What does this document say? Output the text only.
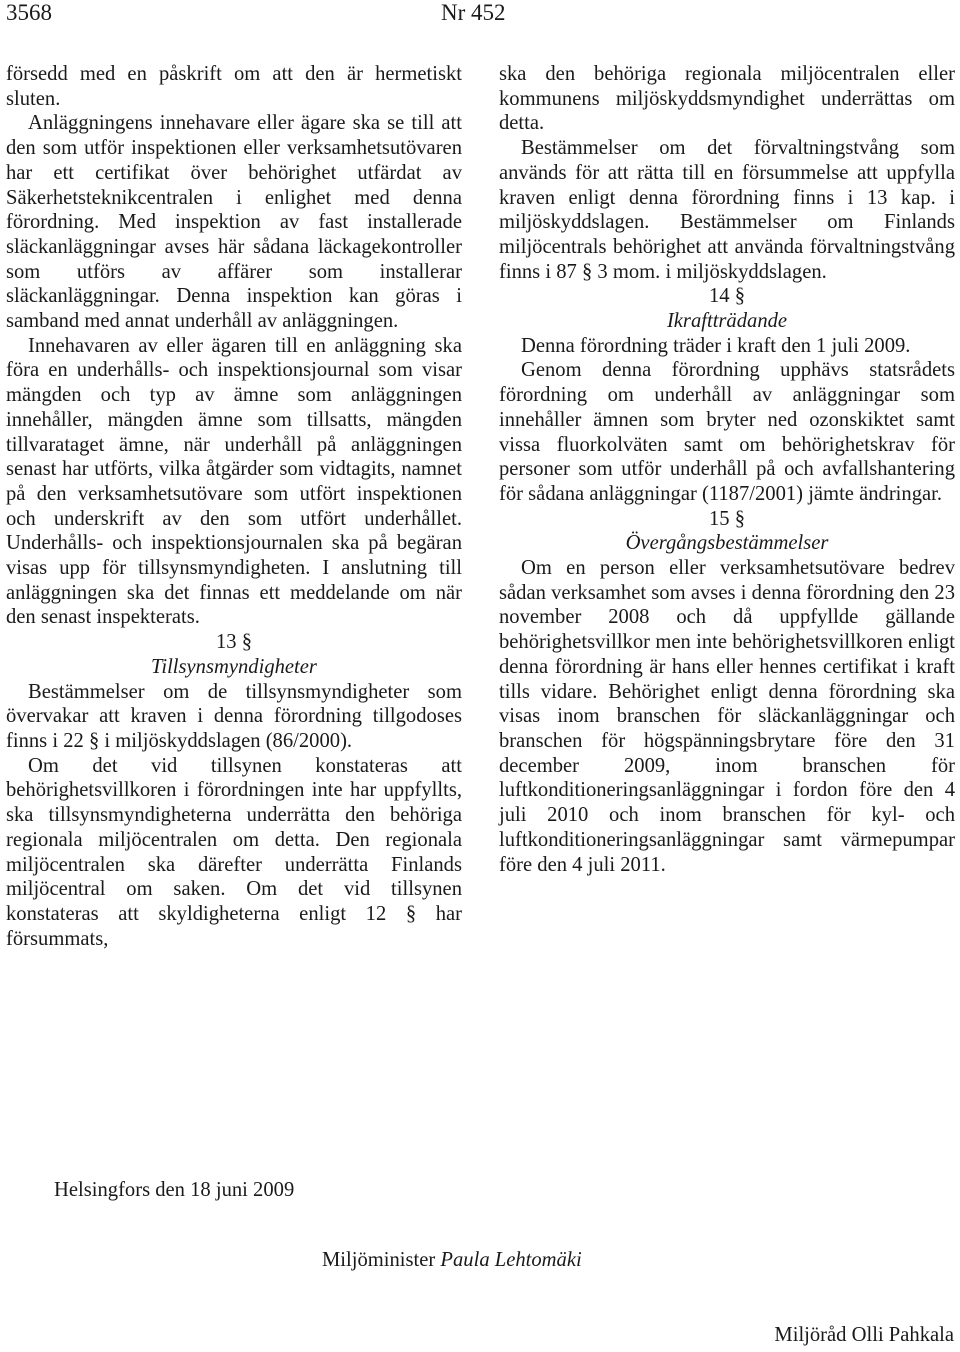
3568	Nr 452

försedd med en påskrift om att den är hermetiskt sluten.

Anläggningens innehavare eller ägare ska se till att den som utför inspektionen eller verksamhetsutövaren har ett certifikat över behörighet utfärdat av Säkerhetsteknikcentralen i enlighet med denna förordning. Med inspektion av fast installerade släckanläggningar avses här sådana läckagekontroller som utförs av affärer som installerar släckanläggningar. Denna inspektion kan göras i samband med annat underhåll av anläggningen.

Innehavaren av eller ägaren till en anläggning ska föra en underhålls- och inspektionsjournal som visar mängden och typ av ämne som anläggningen innehåller, mängden ämne som tillsatts, mängden tillvarataget ämne, när underhåll på anläggningen senast har utförts, vilka åtgärder som vidtagits, namnet på den verksamhetsutövare som utfört inspektionen och underskrift av den som utfört underhållet. Underhålls- och inspektionsjournalen ska på begäran visas upp för tillsynsmyndigheten. I anslutning till anläggningen ska det finnas ett meddelande om när den senast inspekterats.

13 §

Tillsynsmyndigheter

Bestämmelser om de tillsynsmyndigheter som övervakar att kraven i denna förordning tillgodoses finns i 22 § i miljöskyddslagen (86/2000).

Om det vid tillsynen konstateras att behörighetsvillkoren i förordningen inte har uppfyllts, ska tillsynsmyndigheterna underrätta den behöriga regionala miljöcentralen om detta. Den regionala miljöcentralen ska därefter underrätta Finlands miljöcentral om saken. Om det vid tillsynen konstateras att skyldigheterna enligt 12 § har försummats,

ska den behöriga regionala miljöcentralen eller kommunens miljöskyddsmyndighet underrättas om detta.

Bestämmelser om det förvaltningstvång som används för att rätta till en försummelse att uppfylla kraven enligt denna förordning finns i 13 kap. i miljöskyddslagen. Bestämmelser om Finlands miljöcentrals behörighet att använda förvaltningstvång finns i 87 § 3 mom. i miljöskyddslagen.

14 §

Ikraftträdande

Denna förordning träder i kraft den 1 juli 2009.

Genom denna förordning upphävs statsrådets förordning om underhåll av anläggningar som innehåller ämnen som bryter ned ozonskiktet samt vissa fluorkolväten samt om behörighetskrav för personer som utför underhåll på och avfallshantering för sådana anläggningar (1187/2001) jämte ändringar.

15 §

Övergångsbestämmelser

Om en person eller verksamhetsutövare bedrev sådan verksamhet som avses i denna förordning den 23 november 2008 och då uppfyllde gällande behörighetsvillkor men inte behörighetsvillkoren enligt denna förordning är hans eller hennes certifikat i kraft tills vidare. Behörighet enligt denna förordning ska visas inom branschen för släckanläggningar och branschen för högspänningsbrytare före den 31 december 2009, inom branschen för luftkonditioneringsanläggningar i fordon före den 4 juli 2010 och inom branschen för kyl- och luftkonditioneringsanläggningar samt värmepumpar före den 4 juli 2011.

Helsingfors den 18 juni 2009
Miljöminister Paula Lehtomäki
Miljöråd Olli Pahkala
